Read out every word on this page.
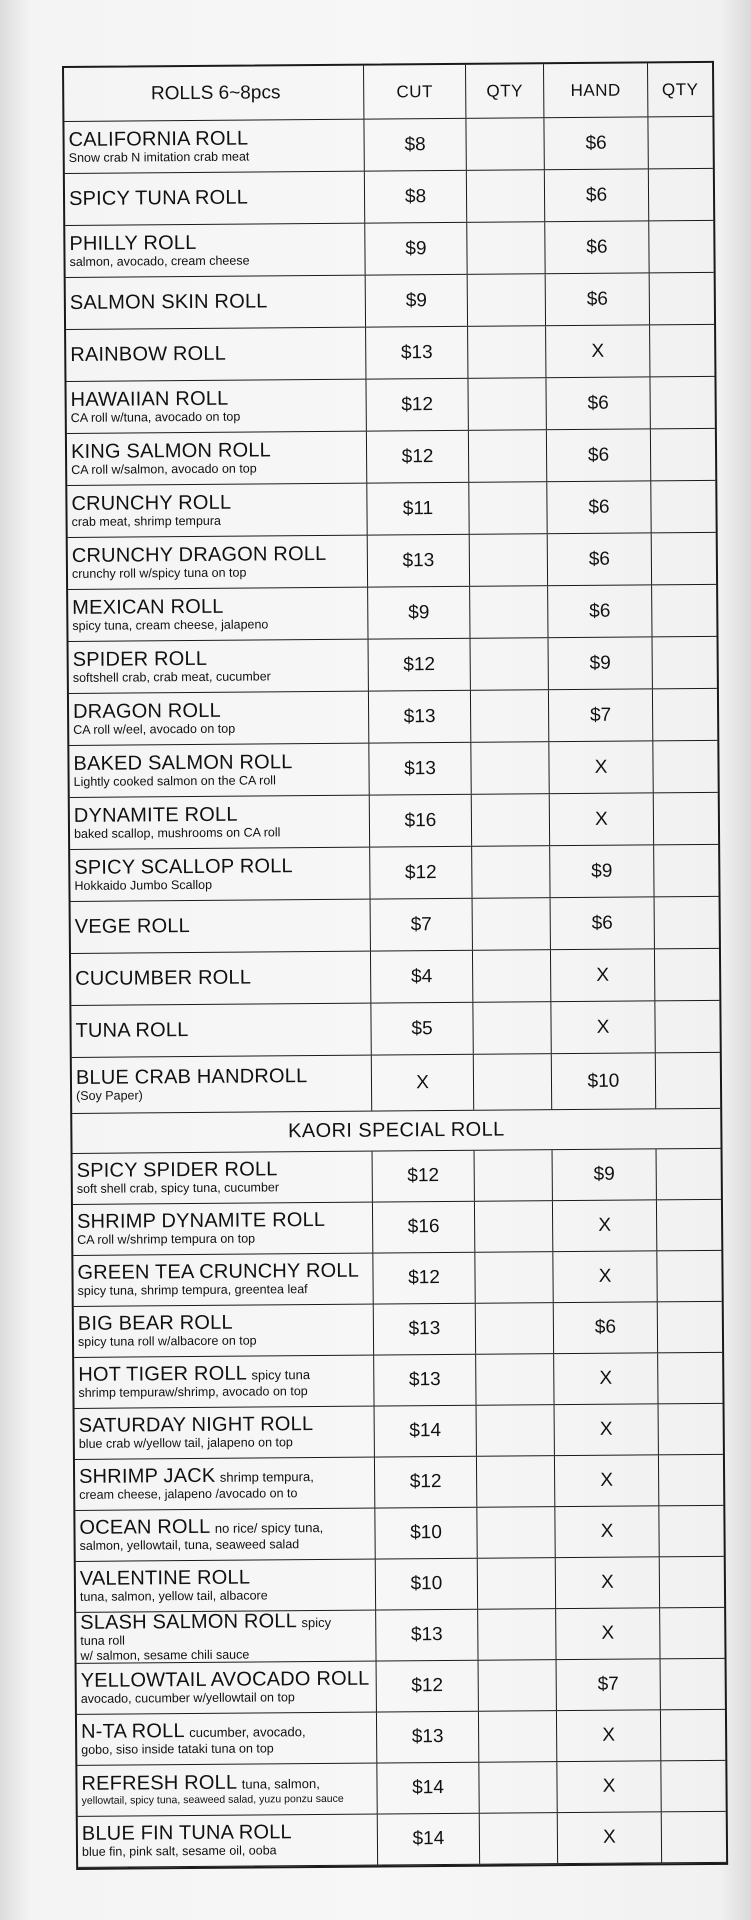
ROLLS 6~8pcs	CUT	QTY	HAND QTY
CALIFORNIA ROLL
Snow crab N imitation crab meat
$8	$6
SPICY TUNA ROLL	$8	$6
PHILLY ROLL
salmon, avocado, cream cheese
$9	$6
SALMON SKIN ROLL	$9	$6
RAINBOW ROLL	$13	X
HAWAIIAN ROLL
CA roll w/tuna, avocado on top
$12	$6
KING SALMON ROLL
CA roll w/salmon, avocado on top
$12	$6
CRUNCHY ROLL
crab meat, shrimp tempura
$11	$6
CRUNCHY DRAGON ROLL
crunchy roll w/spicy tuna on top
$13	$6
MEXICAN ROLL
spicy tuna, cream cheese, jalapeno
$9	$6
SPIDER ROLL
softshell crab, crab meat, cucumber
$12	$9
DRAGON ROLL
CA roll w/eel, avocado on top
$13	$7
BAKED SALMON ROLL
Lightly cooked salmon on the CA roll
$13	X
DYNAMITE ROLL
baked scallop, mushrooms on CA roll
$16	X
SPICY SCALLOP ROLL
Hokkaido Jumbo Scallop
$12	$9
VEGE ROLL	$7	$6
CUCUMBER ROLL	$4	X
TUNA ROLL	$5	X
BLUE CRAB HANDROLL
(Soy Paper)
X	$10
KAORI SPECIAL ROLL
SPICY SPIDER ROLL
soft shell crab, spicy tuna, cucumber
$12	$9
SHRIMP DYNAMITE ROLL
CA roll w/shrimp tempura on top
$16	X
GREEN TEA CRUNCHY ROLL
spicy tuna, shrimp tempura, greentea leaf
$12	X
BIG BEAR ROLL
spicy tuna roll w/albacore on top
$13	$6
HOT TIGER ROLL spicy tuna
shrimp tempuraw/shrimp, avocado on top
$13	X
SATURDAY NIGHT ROLL
blue crab w/yellow tail, jalapeno on top
$14	X
SHRIMP JACK shrimp tempura,
cream cheese, jalapeno /avocado on to
$12	X
OCEAN ROLL no rice/ spicy tuna,
salmon, yellowtail, tuna, seaweed salad
$10	X
VALENTINE ROLL
tuna, salmon, yellow tail, albacore
$10	X
SLASH SALMON ROLL spicy
tuna roll
w/ salmon, sesame chili sauce
$13	X
YELLOWTAIL AVOCADO ROLL
avocado, cucumber w/yellowtail on top
$12	$7
N-TA ROLL cucumber, avocado,
gobo, siso inside tataki tuna on top
$13	X
REFRESH ROLL tuna, salmon,
yellowtail, spicy tuna, seaweed salad, yuzu ponzu sauce
$14	X
BLUE FIN TUNA ROLL
blue fin, pink salt, sesame oil, ooba
$14	X
